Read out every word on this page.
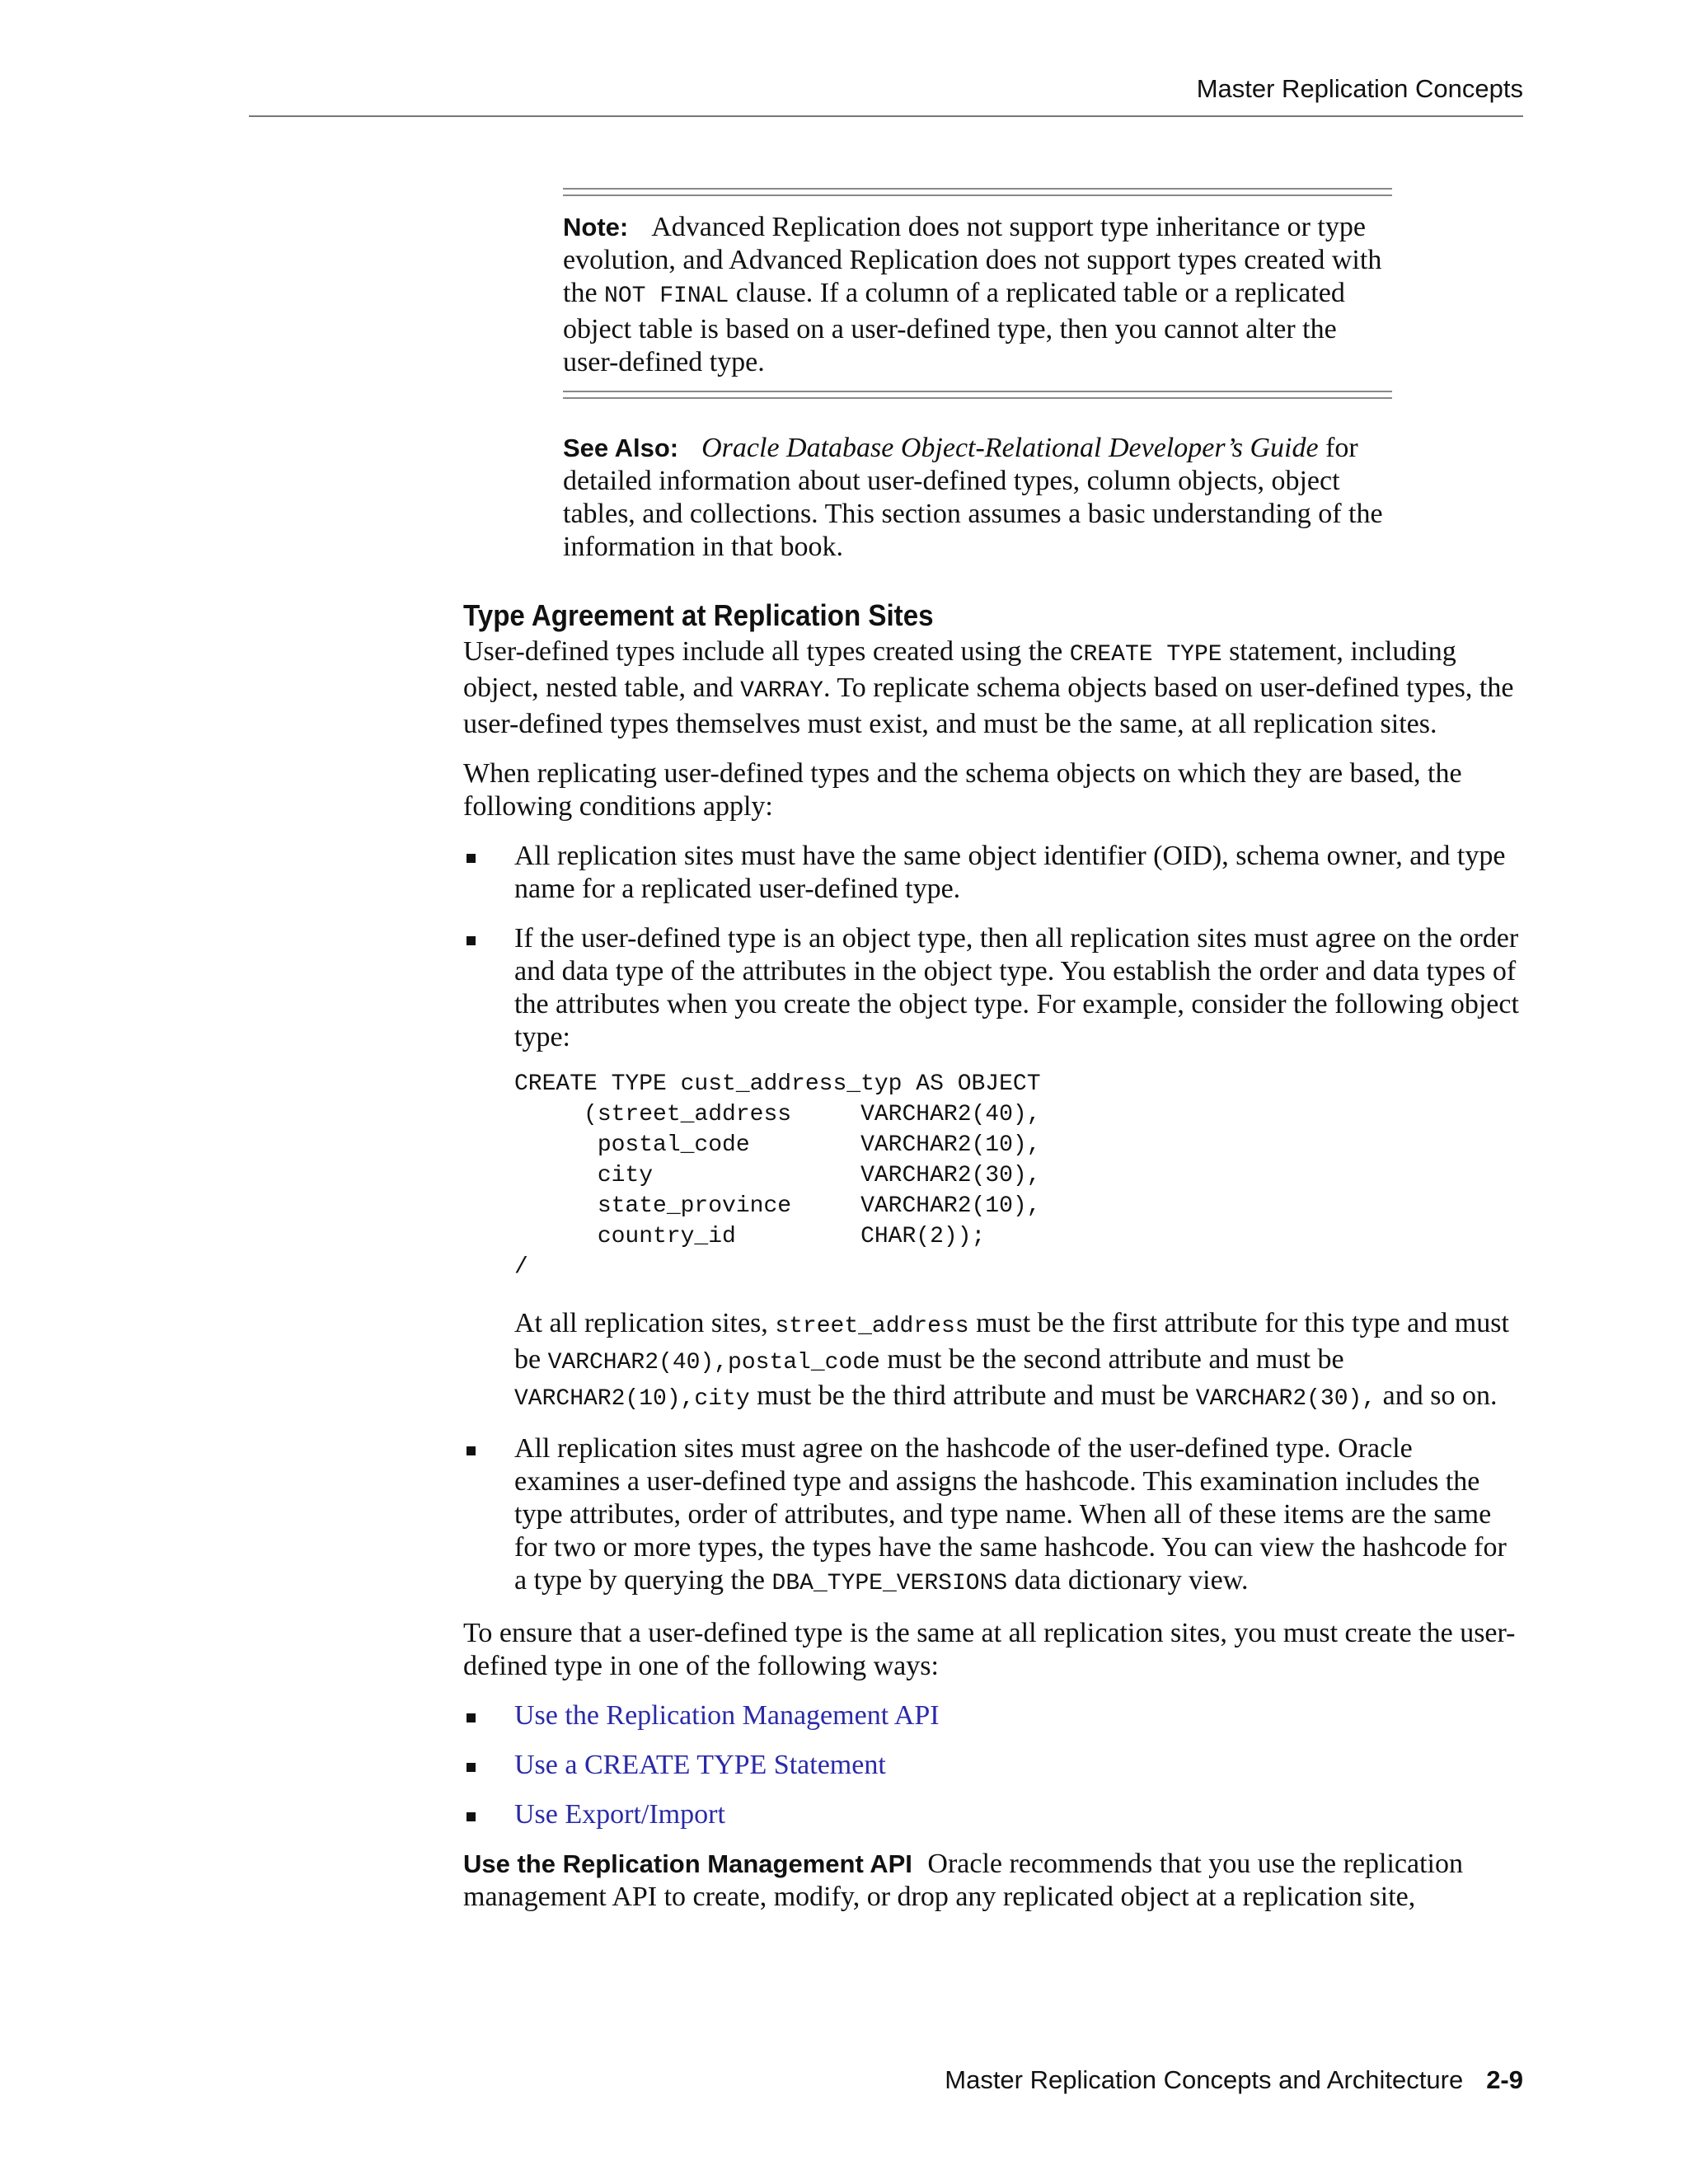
Master Replication Concepts
Note: Advanced Replication does not support type inheritance or type evolution, and Advanced Replication does not support types created with the NOT FINAL clause. If a column of a replicated table or a replicated object table is based on a user-defined type, then you cannot alter the user-defined type.
See Also: Oracle Database Object-Relational Developer’s Guide for detailed information about user-defined types, column objects, object tables, and collections. This section assumes a basic understanding of the information in that book.
Type Agreement at Replication Sites

User-defined types include all types created using the CREATE TYPE statement, including object, nested table, and VARRAY. To replicate schema objects based on user-defined types, the user-defined types themselves must exist, and must be the same, at all replication sites.

When replicating user-defined types and the schema objects on which they are based, the following conditions apply:

All replication sites must have the same object identifier (OID), schema owner, and type name for a replicated user-defined type.
If the user-defined type is an object type, then all replication sites must agree on the order and data type of the attributes in the object type. You establish the order and data types of the attributes when you create the object type. For example, consider the following object type:
CREATE TYPE cust_address_typ AS OBJECT
(street_address     VARCHAR2(40),
postal_code        VARCHAR2(10),
city               VARCHAR2(30),
state_province     VARCHAR2(10),
country_id         CHAR(2));
/
At all replication sites, street_address must be the first attribute for this type and must be VARCHAR2(40),postal_code must be the second attribute and must be VARCHAR2(10),city must be the third attribute and must be VARCHAR2(30), and so on.
All replication sites must agree on the hashcode of the user-defined type. Oracle examines a user-defined type and assigns the hashcode. This examination includes the type attributes, order of attributes, and type name. When all of these items are the same for two or more types, the types have the same hashcode. You can view the hashcode for a type by querying the DBA_TYPE_VERSIONS data dictionary view.

To ensure that a user-defined type is the same at all replication sites, you must create the user-defined type in one of the following ways:

Use the Replication Management API
Use a CREATE TYPE Statement
Use Export/Import

Use the Replication Management API Oracle recommends that you use the replication management API to create, modify, or drop any replicated object at a replication site,

Master Replication Concepts and Architecture 2-9
